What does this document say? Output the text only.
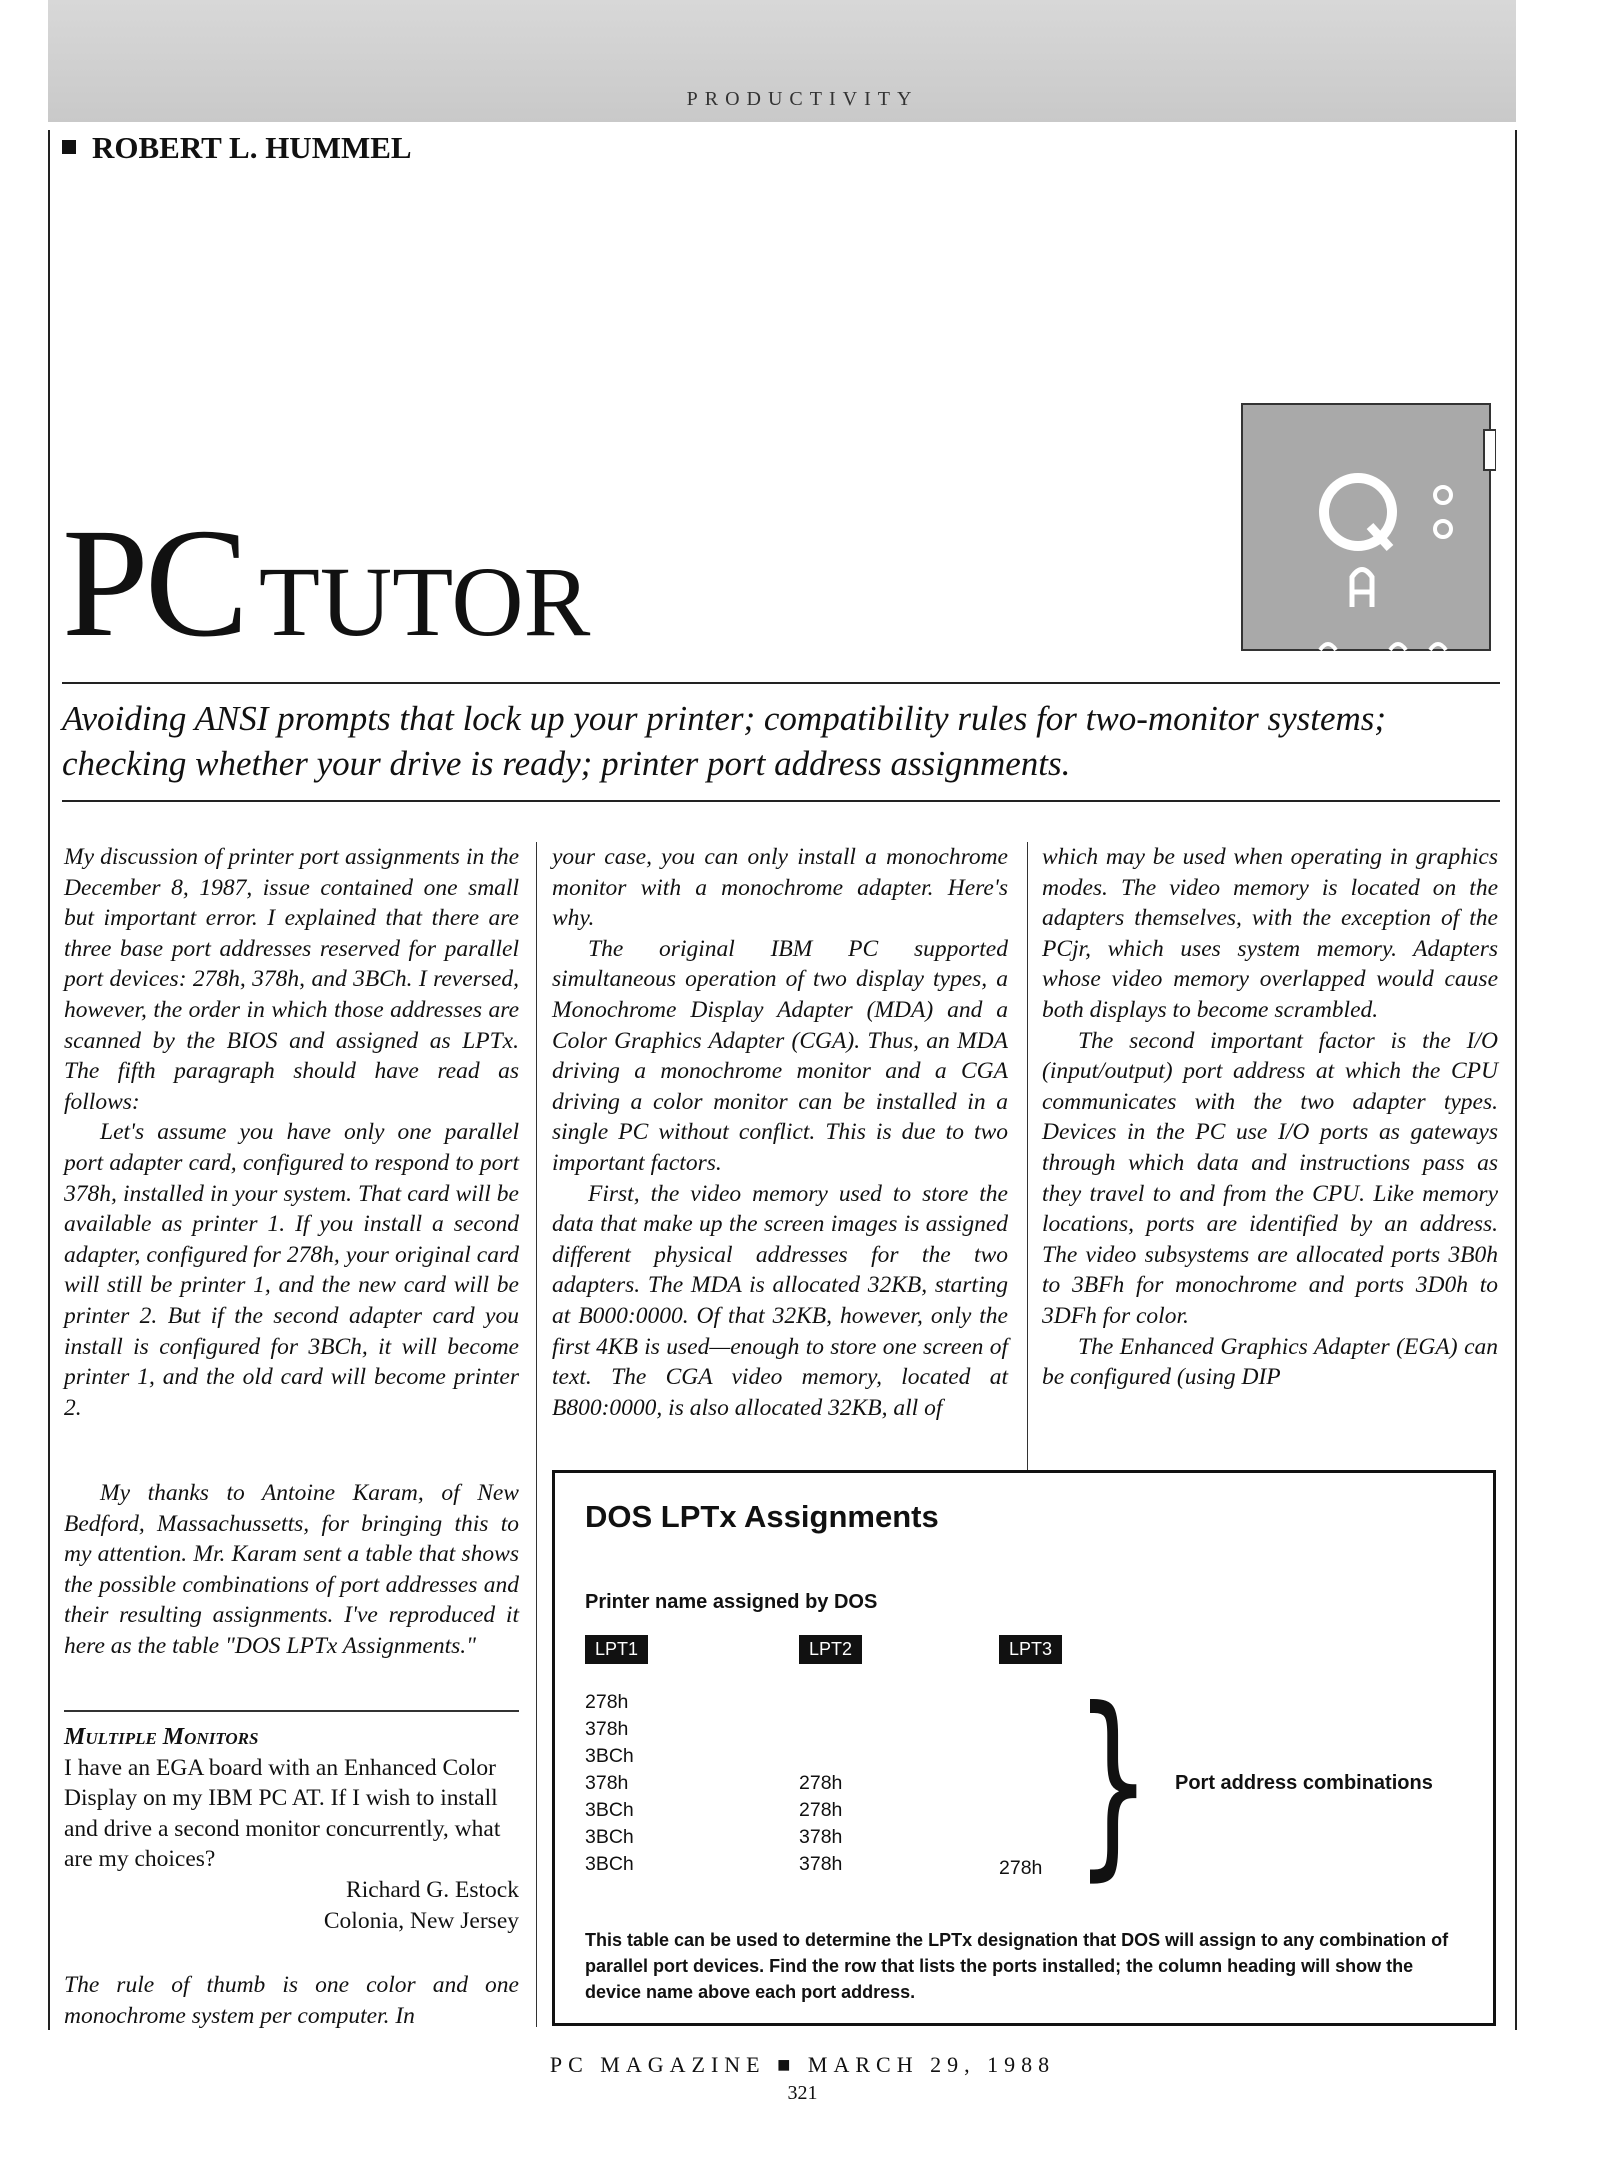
PRODUCTIVITY
ROBERT L. HUMMEL
PC TUTOR
Avoiding ANSI prompts that lock up your printer; compatibility rules for two-monitor systems; checking whether your drive is ready; printer port address assignments.

My discussion of printer port assignments in the December 8, 1987, issue contained one small but important error. I explained that there are three base port addresses reserved for parallel port devices: 278h, 378h, and 3BCh. I reversed, however, the order in which those addresses are scanned by the BIOS and assigned as LPTx. The fifth paragraph should have read as follows:

Let's assume you have only one parallel port adapter card, configured to respond to port 378h, installed in your system. That card will be available as printer 1. If you install a second adapter, configured for 278h, your original card will still be printer 1, and the new card will be printer 2. But if the second adapter card you install is configured for 3BCh, it will become printer 1, and the old card will become printer 2.

My thanks to Antoine Karam, of New Bedford, Massachussetts, for bringing this to my attention. Mr. Karam sent a table that shows the possible combinations of port addresses and their resulting assignments. I've reproduced it here as the table "DOS LPTx Assignments."

Multiple Monitors

I have an EGA board with an Enhanced Color Display on my IBM PC AT. If I wish to install and drive a second monitor concurrently, what are my choices?

Richard G. Estock

Colonia, New Jersey

The rule of thumb is one color and one monochrome system per computer. In

your case, you can only install a monochrome monitor with a monochrome adapter. Here's why.

The original IBM PC supported simultaneous operation of two display types, a Monochrome Display Adapter (MDA) and a Color Graphics Adapter (CGA). Thus, an MDA driving a monochrome monitor and a CGA driving a color monitor can be installed in a single PC without conflict. This is due to two important factors.

First, the video memory used to store the data that make up the screen images is assigned different physical addresses for the two adapters. The MDA is allocated 32KB, starting at B000:0000. Of that 32KB, however, only the first 4KB is used—enough to store one screen of text. The CGA video memory, located at B800:0000, is also allocated 32KB, all of

which may be used when operating in graphics modes. The video memory is located on the adapters themselves, with the exception of the PCjr, which uses system memory. Adapters whose video memory overlapped would cause both displays to become scrambled.

The second important factor is the I/O (input/output) port address at which the CPU communicates with the two adapter types. Devices in the PC use I/O ports as gateways through which data and instructions pass as they travel to and from the CPU. Like memory locations, ports are identified by an address. The video subsystems are allocated ports 3B0h to 3BFh for monochrome and ports 3D0h to 3DFh for color.

The Enhanced Graphics Adapter (EGA) can be configured (using DIP

DOS LPTx Assignments
Printer name assigned by DOS
LPT1	LPT2	LPT3
278h
378h
3BCh
378h	278h
3BCh	278h
3BCh	378h
3BCh	378h	278h } Port address combinations
This table can be used to determine the LPTx designation that DOS will assign to any combination of parallel port devices. Find the row that lists the ports installed; the column heading will show the device name above each port address.
PC MAGAZINE ■ MARCH 29, 1988
321
